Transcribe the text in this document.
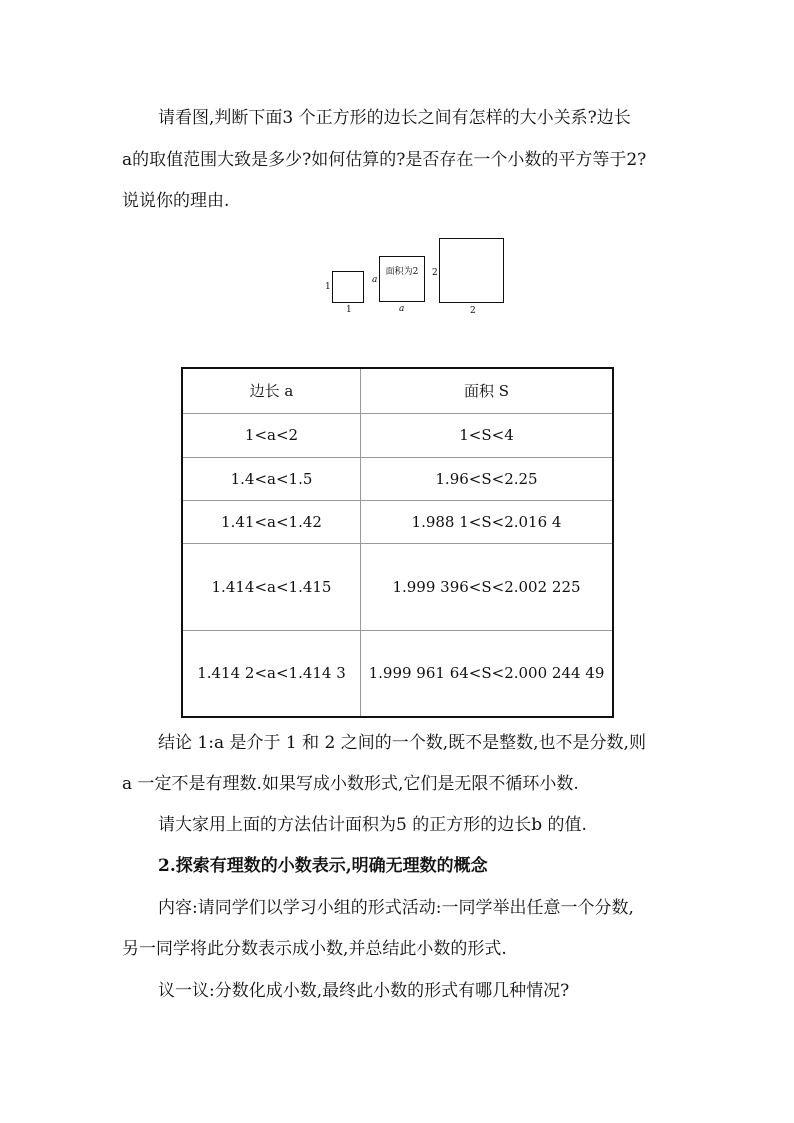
请看图,判断下面3 个正方形的边长之间有怎样的大小关系?边长
a的取值范围大致是多少?如何估算的?是否存在一个小数的平方等于2?
说说你的理由.
1
1
面积为2
a
a
2
2
边长 a	面积 S
1<a<2	1<S<4
1.4<a<1.5	1.96<S<2.25
1.41<a<1.42	1.988 1<S<2.016 4
1.414<a<1.415	1.999 396<S<2.002 225
1.414 2<a<1.414 3	1.999 961 64<S<2.000 244 49
结论 1:a 是介于 1 和 2 之间的一个数,既不是整数,也不是分数,则
a 一定不是有理数.如果写成小数形式,它们是无限不循环小数.
请大家用上面的方法估计面积为5 的正方形的边长b 的值.
2.探索有理数的小数表示,明确无理数的概念
内容:请同学们以学习小组的形式活动:一同学举出任意一个分数,
另一同学将此分数表示成小数,并总结此小数的形式.
议一议:分数化成小数,最终此小数的形式有哪几种情况?
